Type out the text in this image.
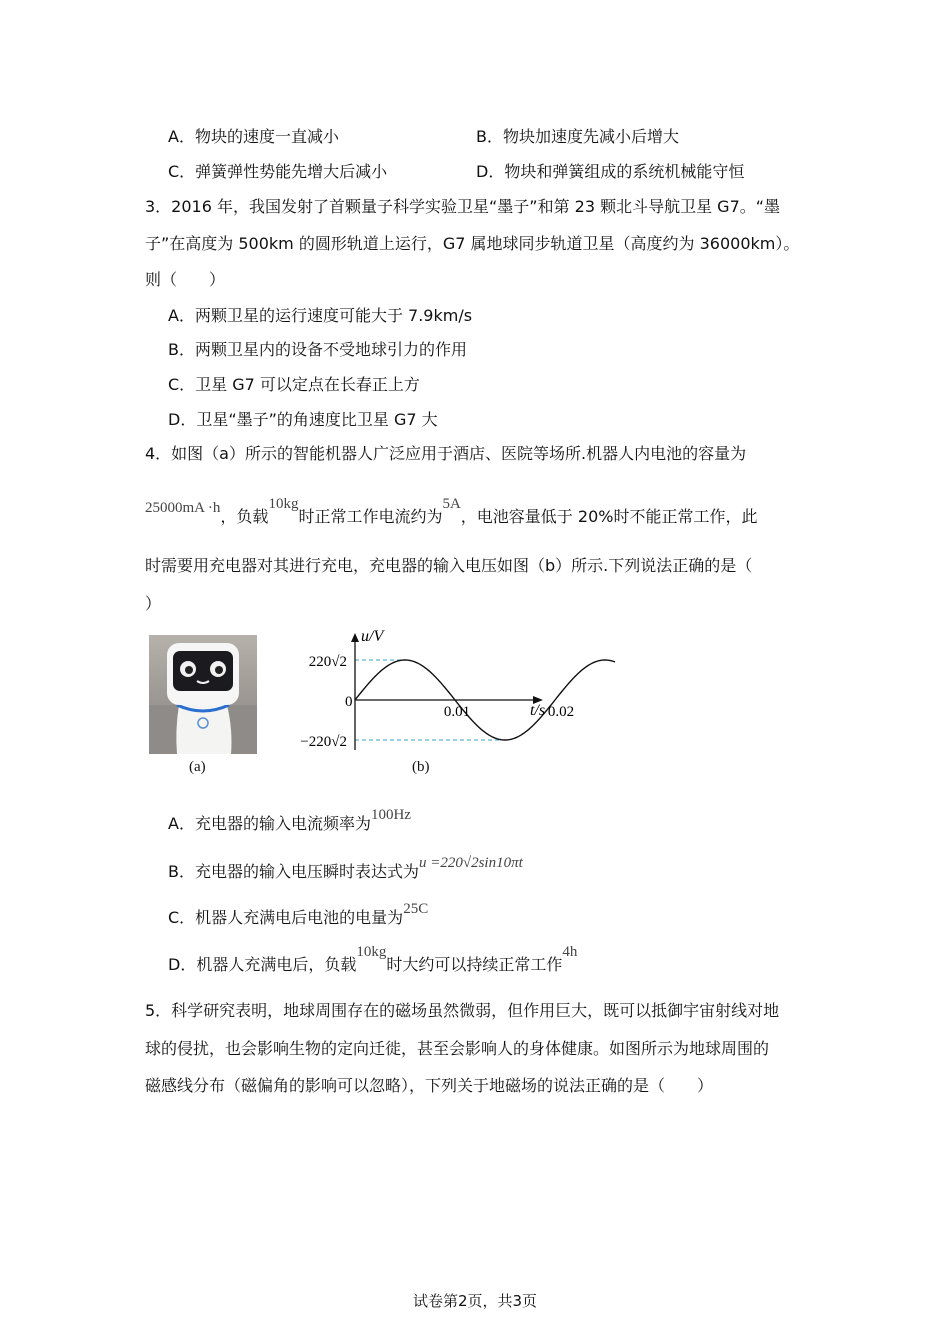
A．物块的速度一直减小	B．物块加速度先减小后增大
C．弹簧弹性势能先增大后减小	D．物块和弹簧组成的系统机械能守恒
3．2016 年，我国发射了首颗量子科学实验卫星“墨子”和第 23 颗北斗导航卫星 G7。“墨
子”在高度为 500km 的圆形轨道上运行，G7 属地球同步轨道卫星（高度约为 36000km）。
则（　　）
A．两颗卫星的运行速度可能大于 7.9km/s
B．两颗卫星内的设备不受地球引力的作用
C．卫星 G7 可以定点在长春正上方
D．卫星“墨子”的角速度比卫星 G7 大
4．如图（a）所示的智能机器人广泛应用于酒店、医院等场所.机器人内电池的容量为
25000mA ·h，负载10kg时正常工作电流约为5A，电池容量低于 20%时不能正常工作，此
时需要用充电器对其进行充电，充电器的输入电压如图（b）所示.下列说法正确的是（
）
(a)
u/V
t/s
0
220√2
−220√2
0.01	0.02
(b)
A．充电器的输入电流频率为100Hz
B．充电器的输入电压瞬时表达式为u =220√2sin10πt
C．机器人充满电后电池的电量为25C
D．机器人充满电后，负载10kg时大约可以持续正常工作4h
5．科学研究表明，地球周围存在的磁场虽然微弱，但作用巨大，既可以抵御宇宙射线对地
球的侵扰，也会影响生物的定向迁徙，甚至会影响人的身体健康。如图所示为地球周围的
磁感线分布（磁偏角的影响可以忽略），下列关于地磁场的说法正确的是（　　）
试卷第2页，共3页
